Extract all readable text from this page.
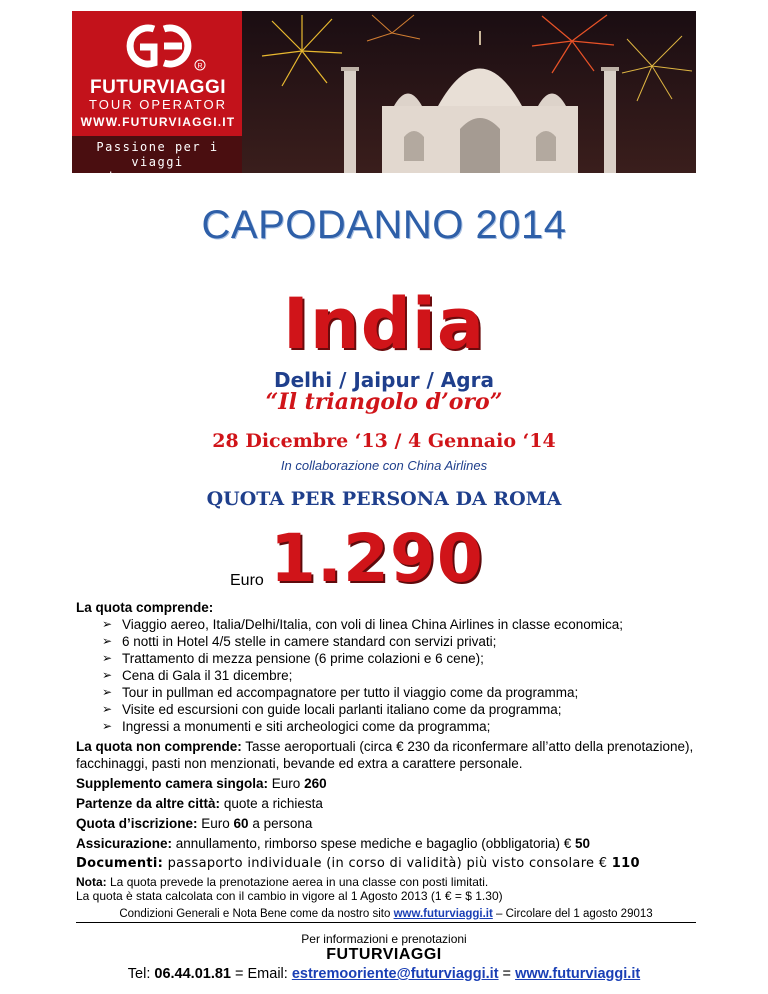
R
FUTURVIAGGI
TOUR OPERATOR
WWW.FUTURVIAGGI.IT
Passione per i viaggi
da sempre...
CAPODANNO 2014
India
Delhi / Jaipur / Agra
“Il triangolo d’oro”
28 Dicembre ‘13 / 4 Gennaio ‘14
In collaborazione con China Airlines
QUOTA PER PERSONA DA ROMA
Euro 1.290
La quota comprende:
➢ Viaggio aereo, Italia/Delhi/Italia, con voli di linea China Airlines in classe economica;
➢ 6 notti in Hotel 4/5 stelle in camere standard con servizi privati;
➢ Trattamento di mezza pensione (6 prime colazioni e 6 cene);
➢ Cena di Gala il 31 dicembre;
➢ Tour in pullman ed accompagnatore per tutto il viaggio come da programma;
➢ Visite ed escursioni con guide locali parlanti italiano come da programma;
➢ Ingressi a monumenti e siti archeologici come da programma;
La quota non comprende: Tasse aeroportuali (circa € 230 da riconfermare all’atto della prenotazione), facchinaggi, pasti non menzionati, bevande ed extra a carattere personale.
Supplemento camera singola: Euro 260
Partenze da altre città: quote a richiesta
Quota d’iscrizione: Euro 60 a persona
Assicurazione: annullamento, rimborso spese mediche e bagaglio (obbligatoria) € 50
Documenti: passaporto individuale (in corso di validità) più visto consolare € 110
Nota: La quota prevede la prenotazione aerea in una classe con posti limitati.
La quota è stata calcolata con il cambio in vigore al 1 Agosto 2013 (1 € = $ 1.30)
Condizioni Generali e Nota Bene come da nostro sito www.futurviaggi.it – Circolare del 1 agosto 29013
Per informazioni e prenotazioni
FUTURVIAGGI
Tel: 06.44.01.81 = Email: estremooriente@futurviaggi.it = www.futurviaggi.it
